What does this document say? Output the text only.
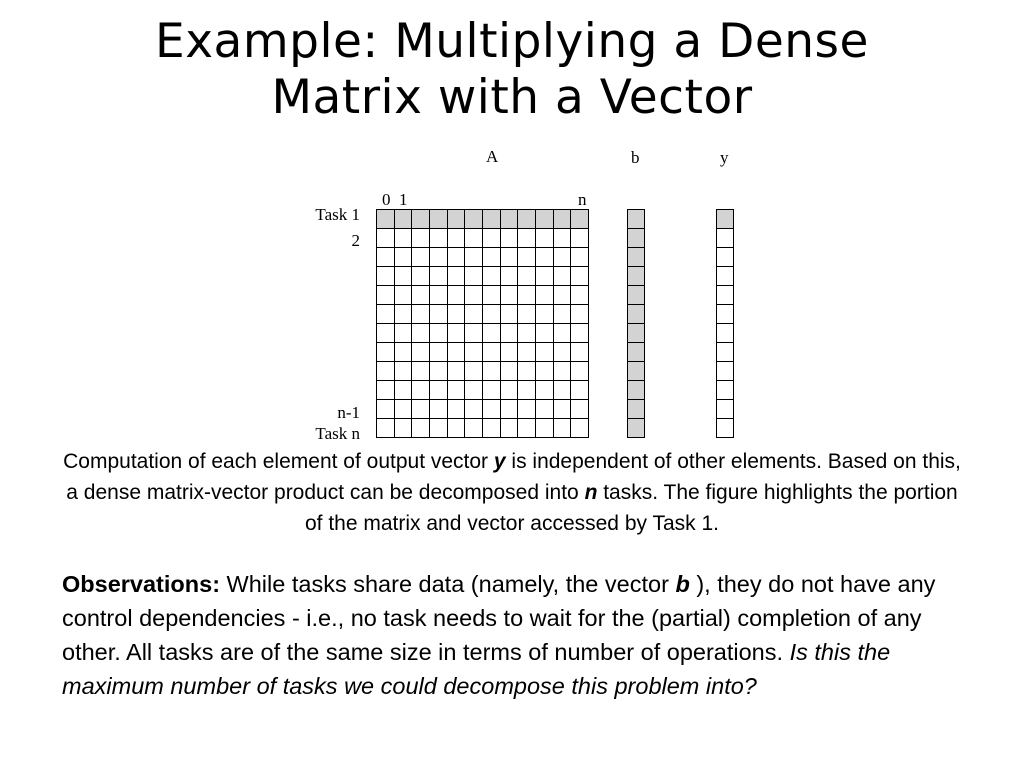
Example: Multiplying a Dense
Matrix with a Vector
A	b	y
0 1	n
Task 1
2
n-1
Task n
Computation of each element of output vector y is independent of other elements. Based on this, a dense matrix-vector product can be decomposed into n tasks. The figure highlights the portion of the matrix and vector accessed by Task 1.
Observations: While tasks share data (namely, the vector b ), they do not have any control dependencies - i.e., no task needs to wait for the (partial) completion of any other. All tasks are of the same size in terms of number of operations. Is this the maximum number of tasks we could decompose this problem into?
